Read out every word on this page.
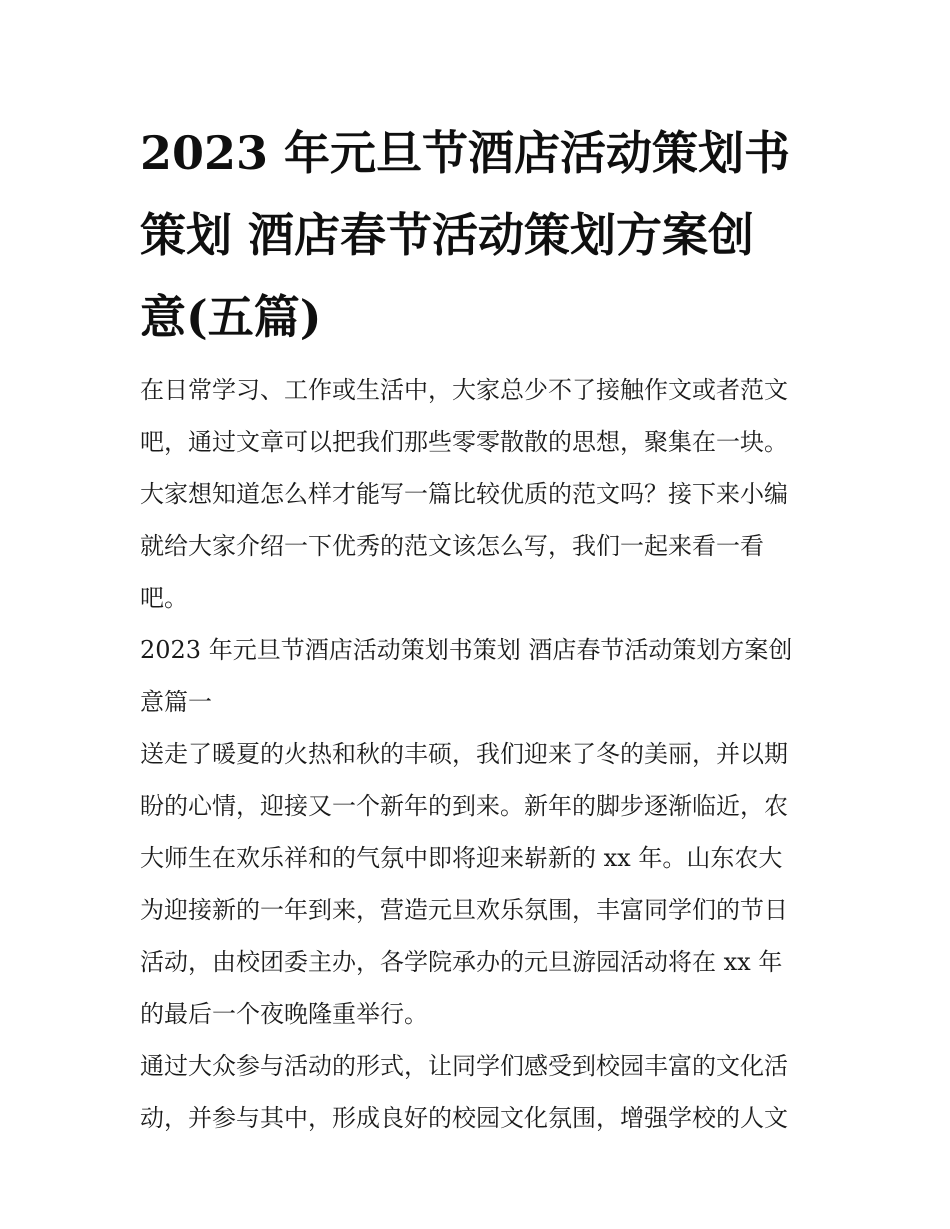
2023 年元旦节酒店活动策划书
策划 酒店春节活动策划方案创
意(五篇)

在日常学习、工作或生活中，大家总少不了接触作文或者范文
吧，通过文章可以把我们那些零零散散的思想，聚集在一块。
大家想知道怎么样才能写一篇比较优质的范文吗？接下来小编
就给大家介绍一下优秀的范文该怎么写，我们一起来看一看
吧。

2023 年元旦节酒店活动策划书策划 酒店春节活动策划方案创
意篇一

送走了暖夏的火热和秋的丰硕，我们迎来了冬的美丽，并以期
盼的心情，迎接又一个新年的到来。新年的脚步逐渐临近，农
大师生在欢乐祥和的气氛中即将迎来崭新的 xx 年。山东农大
为迎接新的一年到来，营造元旦欢乐氛围，丰富同学们的节日
活动，由校团委主办，各学院承办的元旦游园活动将在 xx 年
的最后一个夜晚隆重举行。

通过大众参与活动的形式，让同学们感受到校园丰富的文化活
动，并参与其中，形成良好的校园文化氛围，增强学校的人文
